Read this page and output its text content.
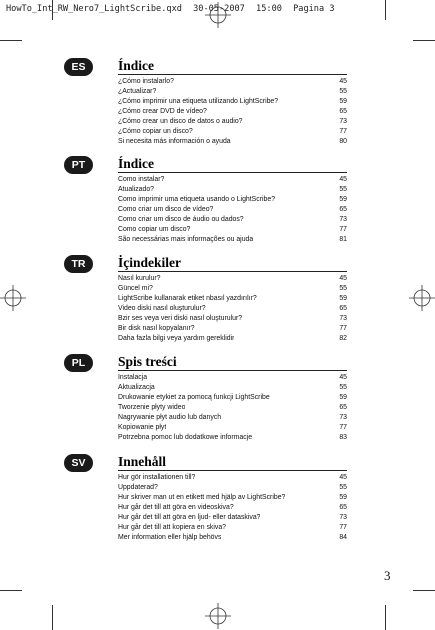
HowTo_Int_RW_Nero7_LightScribe.qxd 30-05-2007 15:00 Pagina 3
ES	Índice
¿Cómo instalarlo?	45
¿Actualizar?	55
¿Cómo imprimir una etiqueta utilizando LightScribe?	59
¿Cómo crear DVD de vídeo?	65
¿Cómo crear un disco de datos o audio?	73
¿Cómo copiar un disco?	77
Si necesita más información o ayuda	80
PT	Índice
Como instalar?	45
Atualizado?	55
Como imprimir uma etiqueta usando o LightScribe?	59
Como criar um disco de vídeo?	65
Como criar um disco de áudio ou dados?	73
Como copiar um disco?	77
São necessárias mais informações ou ajuda	81
TR	İçindekiler
Nasıl kurulur?	45
Güncel mi?	55
LightScribe kullanarak etiket nbasıl yazdırılır?	59
Video diski nasıl oluşturulur?	65
Bzir ses veya veri diski nasıl oluşturulur?	73
Bir disk nasıl kopyalanır?	77
Daha fazla bilgi veya yardım gereklidir	82
PL	Spis treści
Instalacja	45
Aktualizacja	55
Drukowanie etykiet za pomocą funkcji LightScribe	59
Tworzenie płyty wideo	65
Nagrywanie płyt audio lub danych	73
Kopiowanie płyt	77
Potrzebna pomoc lub dodatkowe informacje	83
SV	Innehåll
Hur gör installationen till?	45
Uppdaterad?	55
Hur skriver man ut en etikett med hjälp av LightScribe?	59
Hur går det till att göra en videoskiva?	65
Hur går det till att göra en ljud- eller dataskiva?	73
Hur går det till att kopiera en skiva?	77
Mer information eller hjälp behövs	84
3
